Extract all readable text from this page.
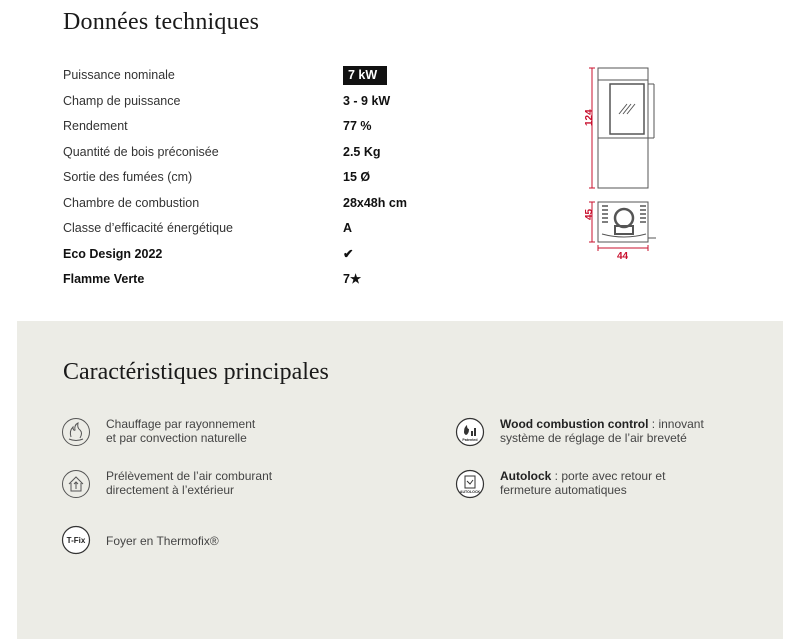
Données techniques
Puissance nominale	7 kW
Champ de puissance	3 - 9 kW
Rendement	77 %
Quantité de bois préconisée	2.5 Kg
Sortie des fumées (cm)	15 Ø
Chambre de combustion	28x48h cm
Classe d’efficacité énergétique	A
Eco Design 2022	✔
Flamme Verte	7★
124
45
44
Caractéristiques principales
Chauffage par rayonnement
et par convection naturelle
Prélèvement de l’air comburant
directement à l’extérieur
T-Fix Foyer en Thermofix®
Patented
Wood combustion control : innovant
système de réglage de l’air breveté
AUTOLOCK
Autolock : porte avec retour et
fermeture automatiques
